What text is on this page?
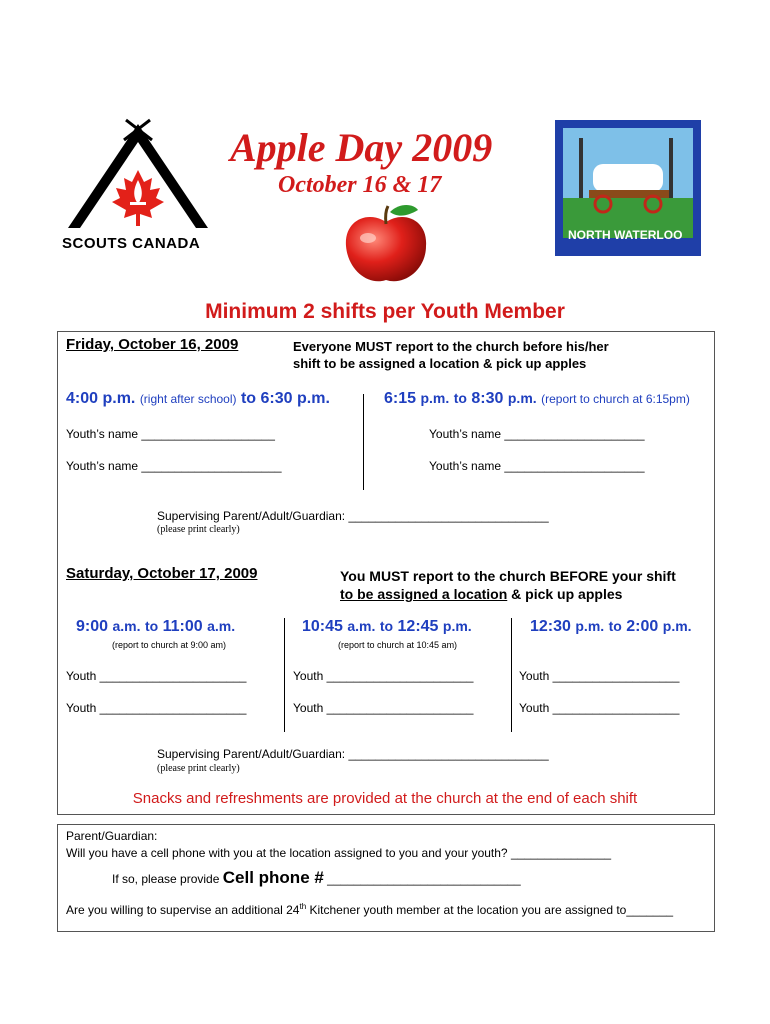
SCOUTS CANADA
Apple Day 2009
October 16 & 17
NORTH WATERLOO
Minimum 2 shifts per Youth Member
Friday, October 16, 2009	Everyone MUST report to the church before his/her
shift to be assigned a location & pick up apples
4:00 p.m. (right after school) to 6:30 p.m.	6:15 p.m. to 8:30 p.m. (report to church at 6:15pm)
Youth’s name ____________________	Youth’s name _____________________
Youth’s name _____________________	Youth’s name _____________________
Supervising Parent/Adult/Guardian: ______________________________
(please print clearly)
Saturday, October 17, 2009	You MUST report to the church BEFORE your shift
to be assigned a location & pick up apples
9:00 a.m. to 11:00 a.m.	10:45 a.m. to 12:45 p.m.	12:30 p.m. to 2:00 p.m.
(report to church at 9:00 am)	(report to church at 10:45 am)
Youth ______________________	Youth ______________________	Youth ___________________
Youth ______________________	Youth ______________________	Youth ___________________
Supervising Parent/Adult/Guardian: ______________________________
(please print clearly)
Snacks and refreshments are provided at the church at the end of each shift
Parent/Guardian:
Will you have a cell phone with you at the location assigned to you and your youth? _______________
If so, please provide Cell phone # _____________________________
Are you willing to supervise an additional 24th Kitchener youth member at the location you are assigned to_______
